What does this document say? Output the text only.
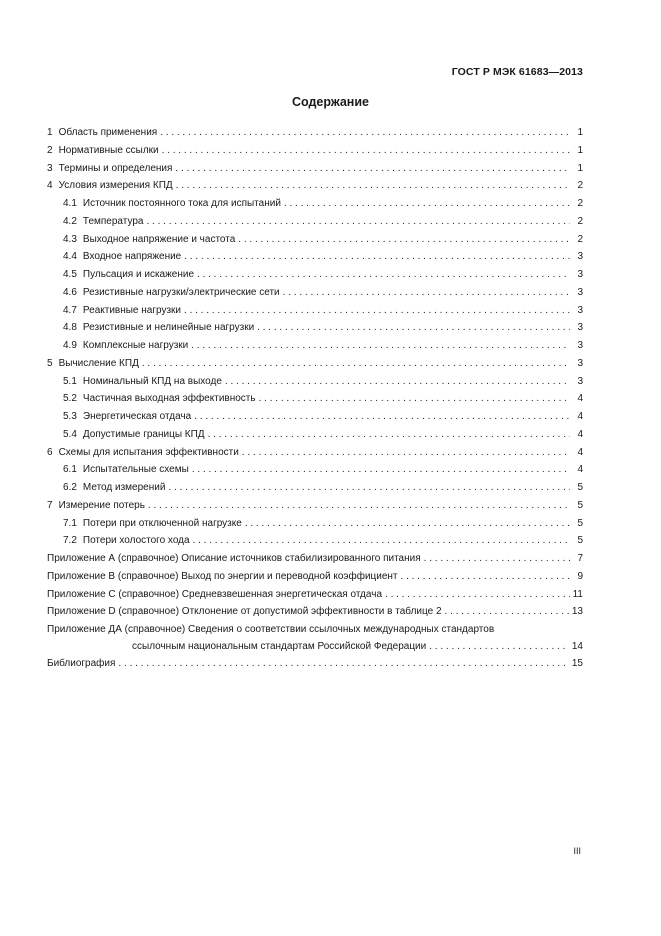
ГОСТ Р МЭК 61683—2013
Содержание
1 Область применения . . .	1
2 Нормативные ссылки . . .	1
3 Термины и определения . . .	1
4 Условия измерения КПД . . .	2
4.1 Источник постоянного тока для испытаний . . .	2
4.2 Температура . . .	2
4.3 Выходное напряжение и частота . . .	2
4.4 Входное напряжение . . .	3
4.5 Пульсация и искажение . . .	3
4.6 Резистивные нагрузки/электрические сети . . .	3
4.7 Реактивные нагрузки . . .	3
4.8 Резистивные и нелинейные нагрузки . . .	3
4.9 Комплексные нагрузки . . .	3
5 Вычисление КПД . . .	3
5.1 Номинальный КПД на выходе . . .	3
5.2 Частичная выходная эффективность . . .	4
5.3 Энергетическая отдача . . .	4
5.4 Допустимые границы КПД . . .	4
6 Схемы для испытания эффективности . . .	4
6.1 Испытательные схемы . . .	4
6.2 Метод измерений . . .	5
7 Измерение потерь . . .	5
7.1 Потери при отключенной нагрузке . . .	5
7.2 Потери холостого хода . . .	5
Приложение А (справочное) Описание источников стабилизированного питания . . .	7
Приложение В (справочное) Выход по энергии и переводной коэффициент . . .	9
Приложение С (справочное) Средневзвешенная энергетическая отдача . . .	11
Приложение D (справочное) Отклонение от допустимой эффективности в таблице 2 . . .	13
Приложение ДА (справочное) Сведения о соответствии ссылочных международных стандартов
ссылочным национальным стандартам Российской Федерации . . .	14
Библиография . . .	15
III
